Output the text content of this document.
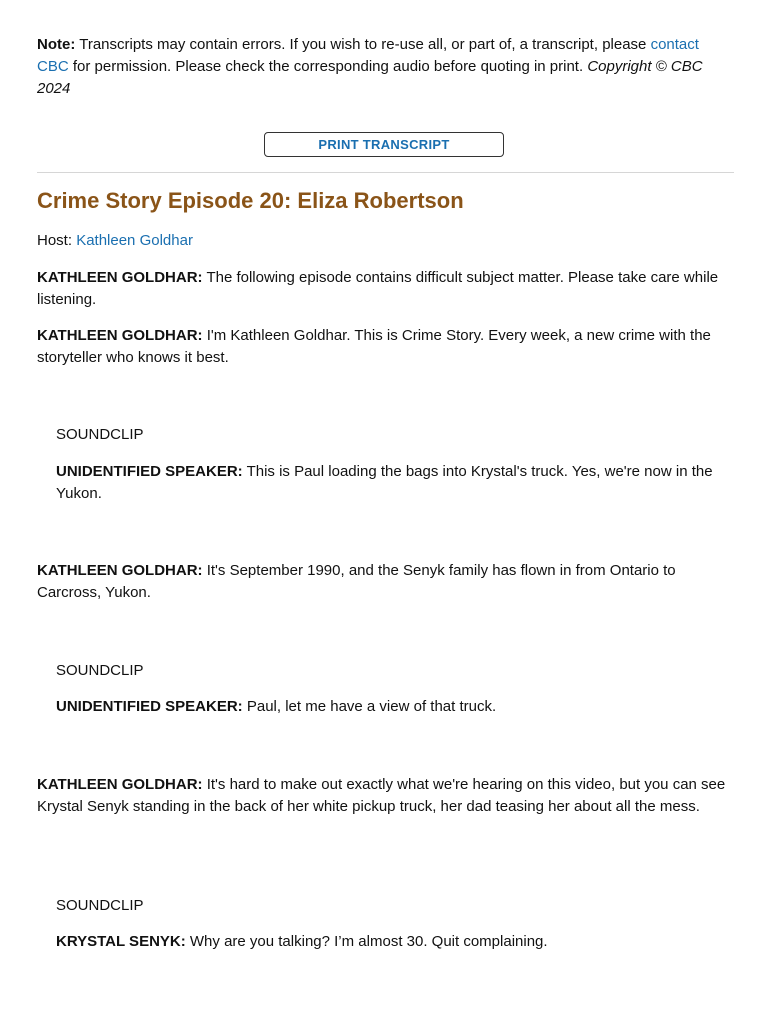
Note: Transcripts may contain errors. If you wish to re-use all, or part of, a transcript, please contact CBC for permission. Please check the corresponding audio before quoting in print. Copyright © CBC 2024

PRINT TRANSCRIPT
Crime Story Episode 20: Eliza Robertson

Host: Kathleen Goldhar

KATHLEEN GOLDHAR: The following episode contains difficult subject matter. Please take care while listening.

KATHLEEN GOLDHAR: I'm Kathleen Goldhar. This is Crime Story. Every week, a new crime with the storyteller who knows it best.

SOUNDCLIP

UNIDENTIFIED SPEAKER: This is Paul loading the bags into Krystal's truck. Yes, we're now in the Yukon.

KATHLEEN GOLDHAR: It's September 1990, and the Senyk family has flown in from Ontario to Carcross, Yukon.

SOUNDCLIP

UNIDENTIFIED SPEAKER: Paul, let me have a view of that truck.

KATHLEEN GOLDHAR: It's hard to make out exactly what we're hearing on this video, but you can see Krystal Senyk standing in the back of her white pickup truck, her dad teasing her about all the mess.

SOUNDCLIP

KRYSTAL SENYK: Why are you talking? I’m almost 30. Quit complaining.
